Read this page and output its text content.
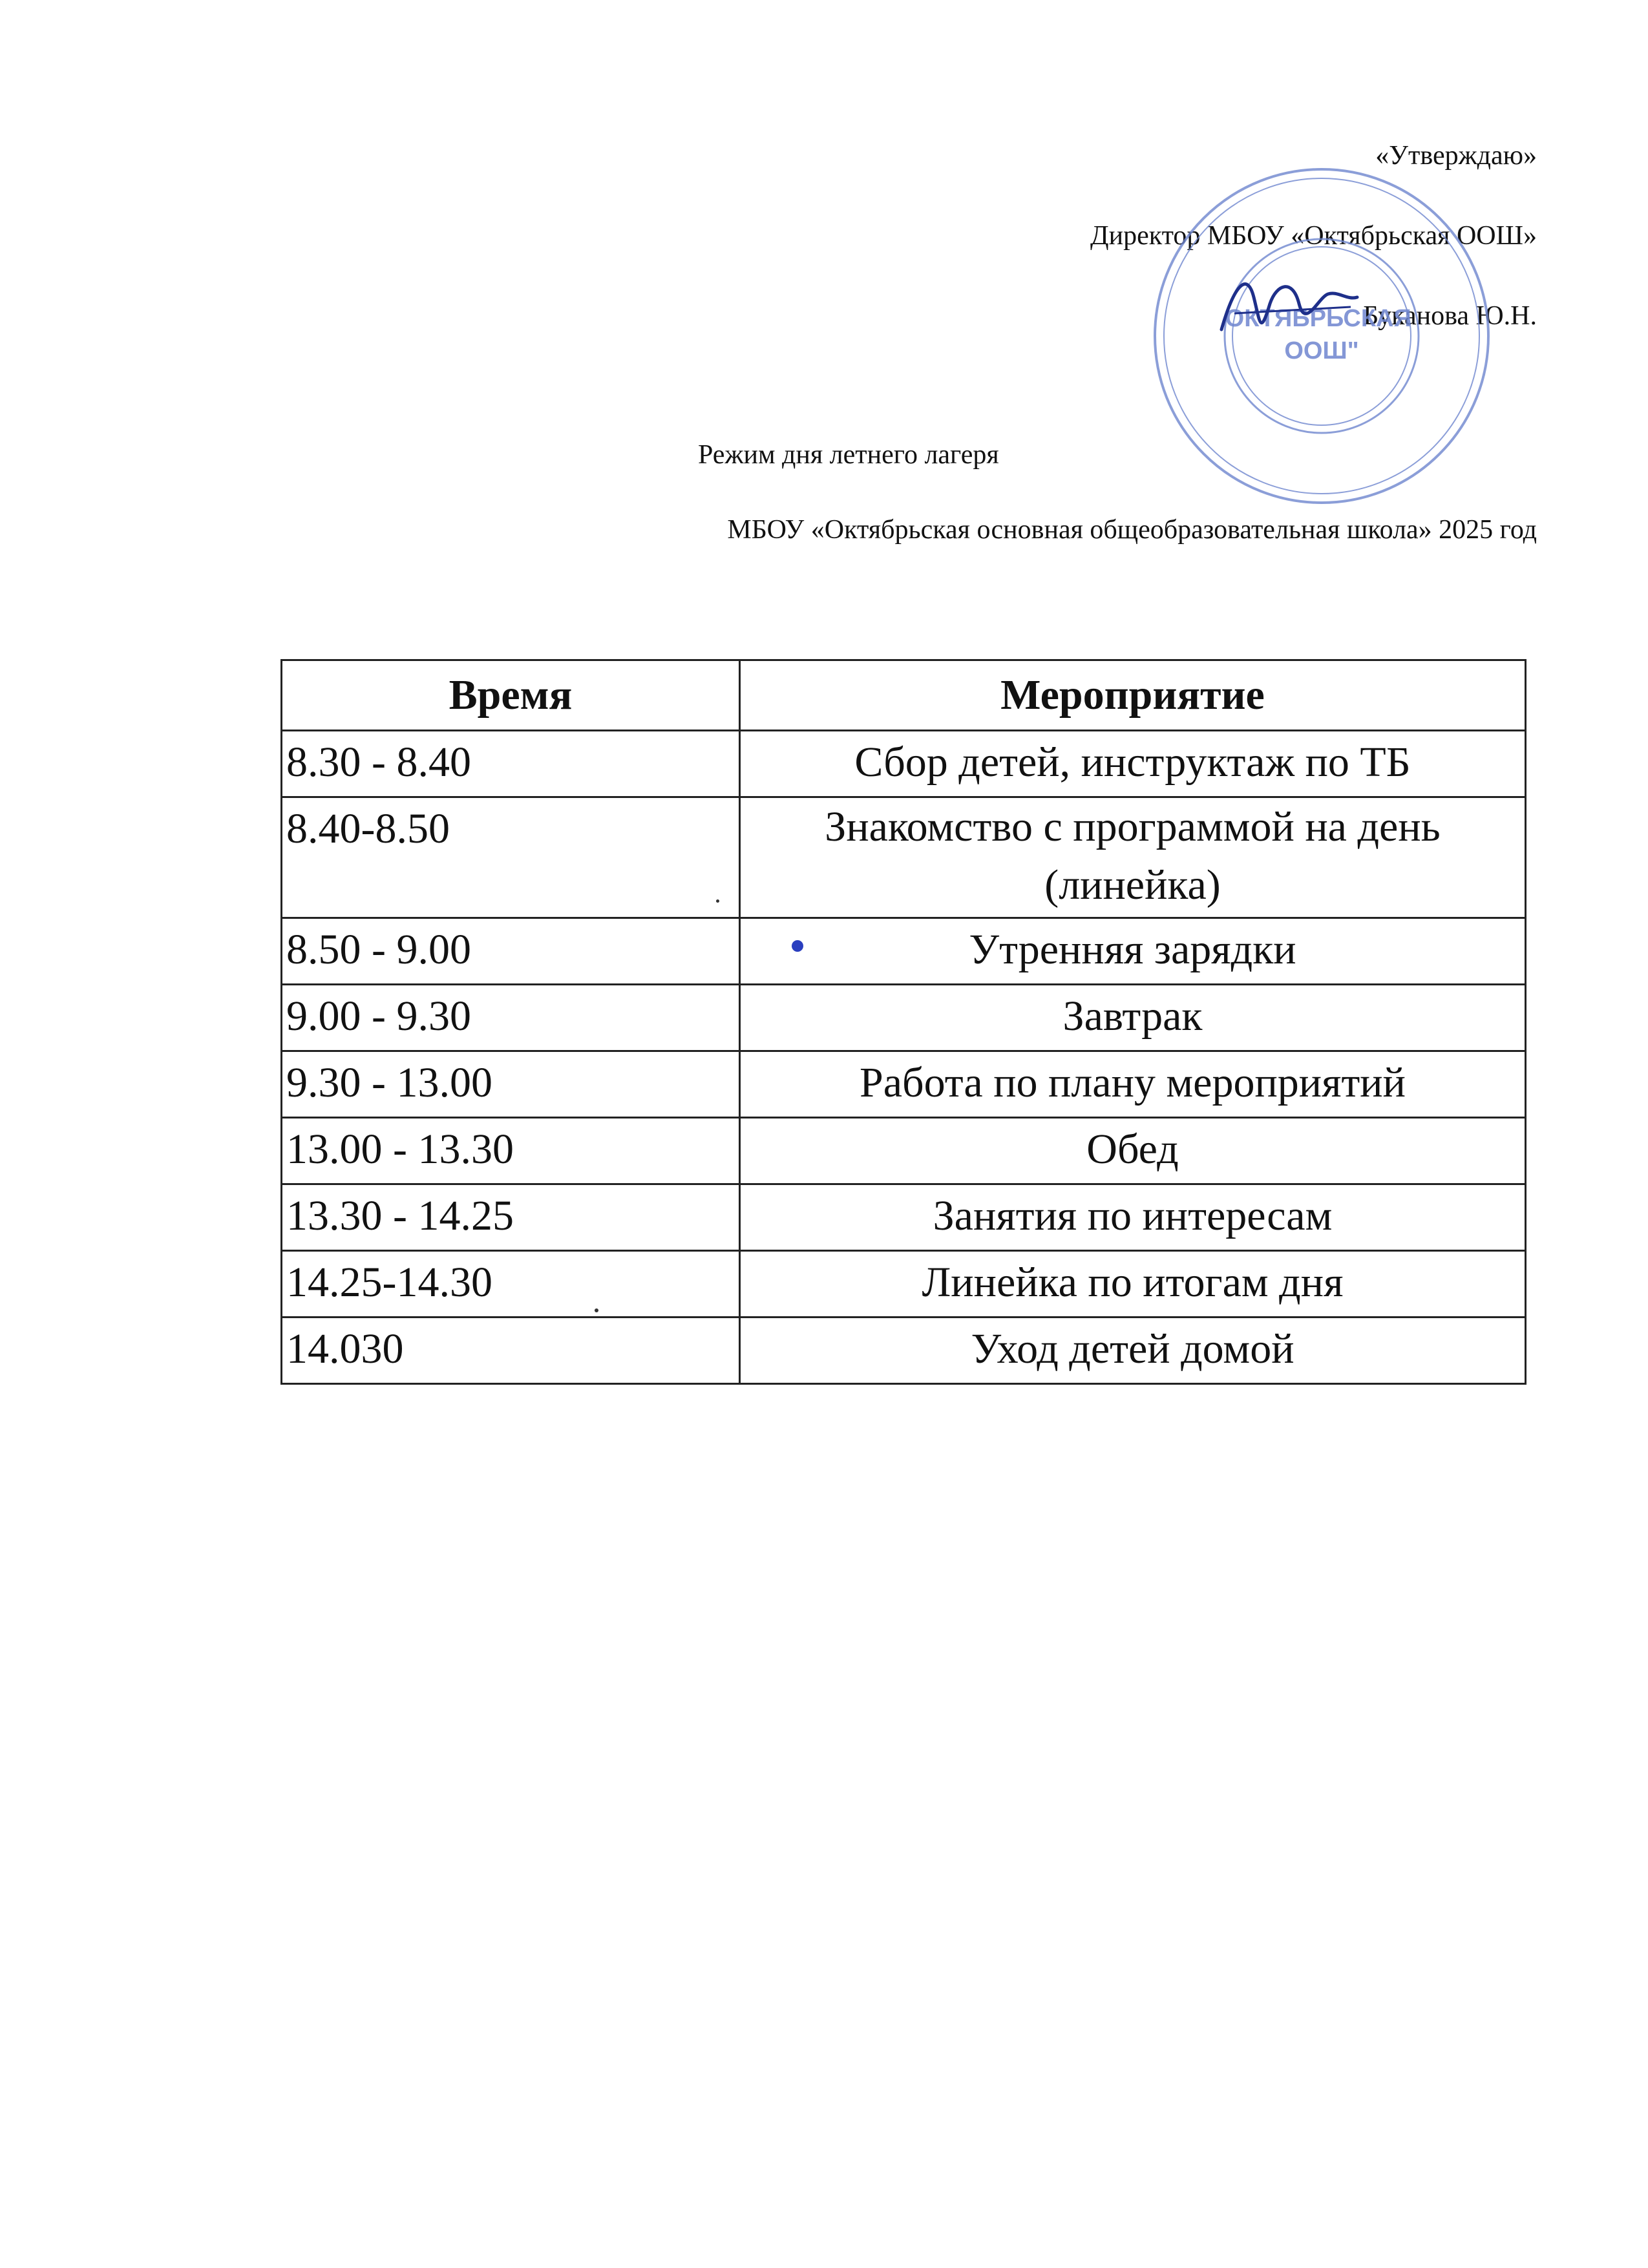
«Утверждаю»
Директор МБОУ «Октябрьская ООШ»
Буканова Ю.Н.
ОКТЯБРЬСКАЯ ООШ"
Режим дня летнего лагеря
МБОУ «Октябрьская основная общеобразовательная школа» 2025 год
Время	Мероприятие
8.30 - 8.40	Сбор детей, инструктаж по ТБ
8.40-8.50	Знакомство с программой на день (линейка)
8.50 - 9.00	Утренняя зарядки
9.00 - 9.30	Завтрак
9.30 - 13.00	Работа по плану мероприятий
13.00 - 13.30	Обед
13.30 - 14.25	Занятия по интересам
14.25-14.30	Линейка по итогам дня
14.030	Уход детей домой
